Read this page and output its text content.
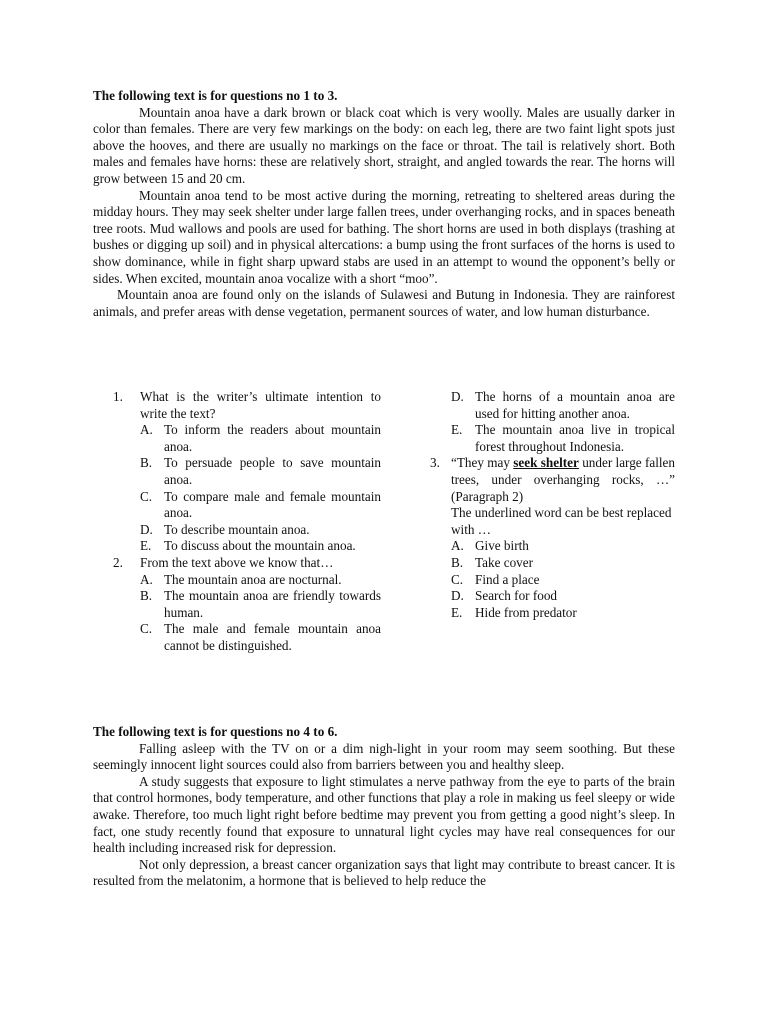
The following text is for questions no 1 to 3.

Mountain anoa have a dark brown or black coat which is very woolly. Males are usually darker in color than females. There are very few markings on the body: on each leg, there are two faint light spots just above the hooves, and there are usually no markings on the face or throat. The tail is relatively short. Both males and females have horns: these are relatively short, straight, and angled towards the rear. The horns will grow between 15 and 20 cm.

Mountain anoa tend to be most active during the morning, retreating to sheltered areas during the midday hours. They may seek shelter under large fallen trees, under overhanging rocks, and in spaces beneath tree roots. Mud wallows and pools are used for bathing. The short horns are used in both displays (trashing at bushes or digging up soil) and in physical altercations: a bump using the front surfaces of the horns is used to show dominance, while in fight sharp upward stabs are used in an attempt to wound the opponent’s belly or sides. When excited, mountain anoa vocalize with a short “moo”.

Mountain anoa are found only on the islands of Sulawesi and Butung in Indonesia. They are rainforest animals, and prefer areas with dense vegetation, permanent sources of water, and low human disturbance.

1.	What is the writer’s ultimate intention to write the text?
A. To inform the readers about mountain anoa.
B. To persuade people to save mountain anoa.
C. To compare male and female mountain anoa.
D. To describe mountain anoa.
E. To discuss about the mountain anoa.
2.	From the text above we know that…
A. The mountain anoa are nocturnal.
B. The mountain anoa are friendly towards human.
C. The male and female mountain anoa cannot be distinguished.
D. The horns of a mountain anoa are used for hitting another anoa.
E. The mountain anoa live in tropical forest throughout Indonesia.
3. “They may seek shelter under large fallen trees, under overhanging rocks, …” (Paragraph 2)
The underlined word can be best replaced with …
A. Give birth
B. Take cover
C. Find a place
D. Search for food
E. Hide from predator

The following text is for questions no 4 to 6.

Falling asleep with the TV on or a dim nigh-light in your room may seem soothing. But these seemingly innocent light sources could also from barriers between you and healthy sleep.

A study suggests that exposure to light stimulates a nerve pathway from the eye to parts of the brain that control hormones, body temperature, and other functions that play a role in making us feel sleepy or wide awake. Therefore, too much light right before bedtime may prevent you from getting a good night’s sleep. In fact, one study recently found that exposure to unnatural light cycles may have real consequences for our health including increased risk for depression.

Not only depression, a breast cancer organization says that light may contribute to breast cancer. It is resulted from the melatonim, a hormone that is believed to help reduce the
